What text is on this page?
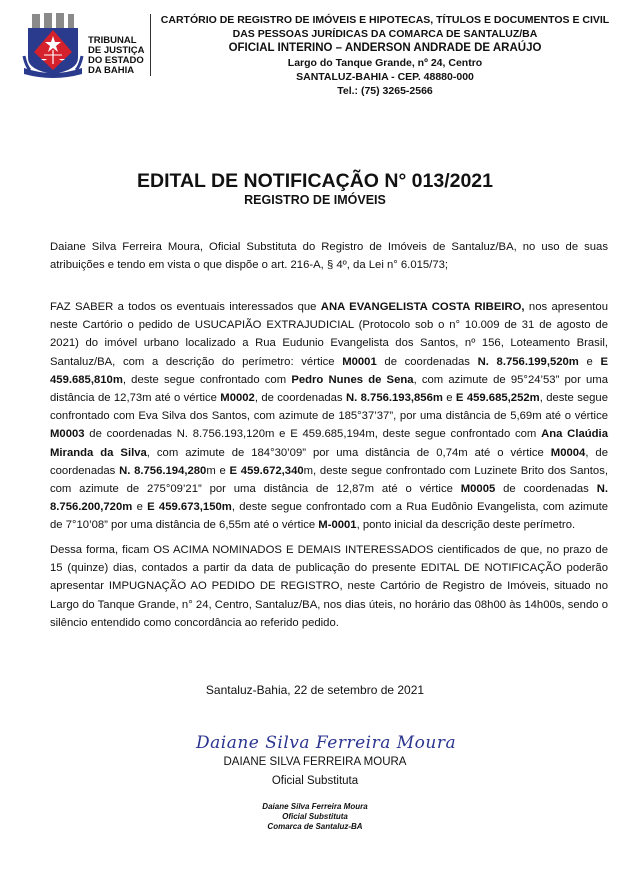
TRIBUNAL
DE JUSTIÇA
DO ESTADO
DA BAHIA
CARTÓRIO DE REGISTRO DE IMÓVEIS E HIPOTECAS, TÍTULOS E DOCUMENTOS E CIVIL
DAS PESSOAS JURÍDICAS DA COMARCA DE SANTALUZ/BA
OFICIAL INTERINO – ANDERSON ANDRADE DE ARAÚJO
Largo do Tanque Grande, nº 24, Centro
SANTALUZ-BAHIA - CEP. 48880-000
Tel.: (75) 3265-2566
EDITAL DE NOTIFICAÇÃO N° 013/2021
REGISTRO DE IMÓVEIS
Daiane Silva Ferreira Moura, Oficial Substituta do Registro de Imóveis de Santaluz/BA, no uso de suas atribuições e tendo em vista o que dispõe o art. 216-A, § 4º, da Lei n° 6.015/73;
FAZ SABER a todos os eventuais interessados que ANA EVANGELISTA COSTA RIBEIRO, nos apresentou neste Cartório o pedido de USUCAPIÃO EXTRAJUDICIAL (Protocolo sob o n° 10.009 de 31 de agosto de 2021) do imóvel urbano localizado a Rua Eudunio Evangelista dos Santos, nº 156, Loteamento Brasil, Santaluz/BA, com a descrição do perímetro: vértice M0001 de coordenadas N. 8.756.199,520m e E 459.685,810m, deste segue confrontado com Pedro Nunes de Sena, com azimute de 95°24’53” por uma distância de 12,73m até o vértice M0002, de coordenadas N. 8.756.193,856m e E 459.685,252m, deste segue confrontado com Eva Silva dos Santos, com azimute de 185°37’37”, por uma distância de 5,69m até o vértice M0003 de coordenadas N. 8.756.193,120m e E 459.685,194m, deste segue confrontado com Ana Claúdia Miranda da Silva, com azimute de 184°30’09” por uma distância de 0,74m até o vértice M0004, de coordenadas N. 8.756.194,280m e E 459.672,340m, deste segue confrontado com Luzinete Brito dos Santos, com azimute de 275°09’21” por uma distância de 12,87m até o vértice M0005 de coordenadas N. 8.756.200,720m e E 459.673,150m, deste segue confrontado com a Rua Eudônio Evangelista, com azimute de 7°10’08” por uma distância de 6,55m até o vértice M-0001, ponto inicial da descrição deste perímetro.
Dessa forma, ficam OS ACIMA NOMINADOS E DEMAIS INTERESSADOS cientificados de que, no prazo de 15 (quinze) dias, contados a partir da data de publicação do presente EDITAL DE NOTIFICAÇÃO poderão apresentar IMPUGNAÇÃO AO PEDIDO DE REGISTRO, neste Cartório de Registro de Imóveis, situado no Largo do Tanque Grande, n° 24, Centro, Santaluz/BA, nos dias úteis, no horário das 08h00 às 14h00s, sendo o silêncio entendido como concordância ao referido pedido.
Santaluz-Bahia, 22 de setembro de 2021
Daiane Silva Ferreira Moura
DAIANE SILVA FERREIRA MOURA
Oficial Substituta
Daiane Silva Ferreira Moura
Oficial Substituta
Comarca de Santaluz-BA
